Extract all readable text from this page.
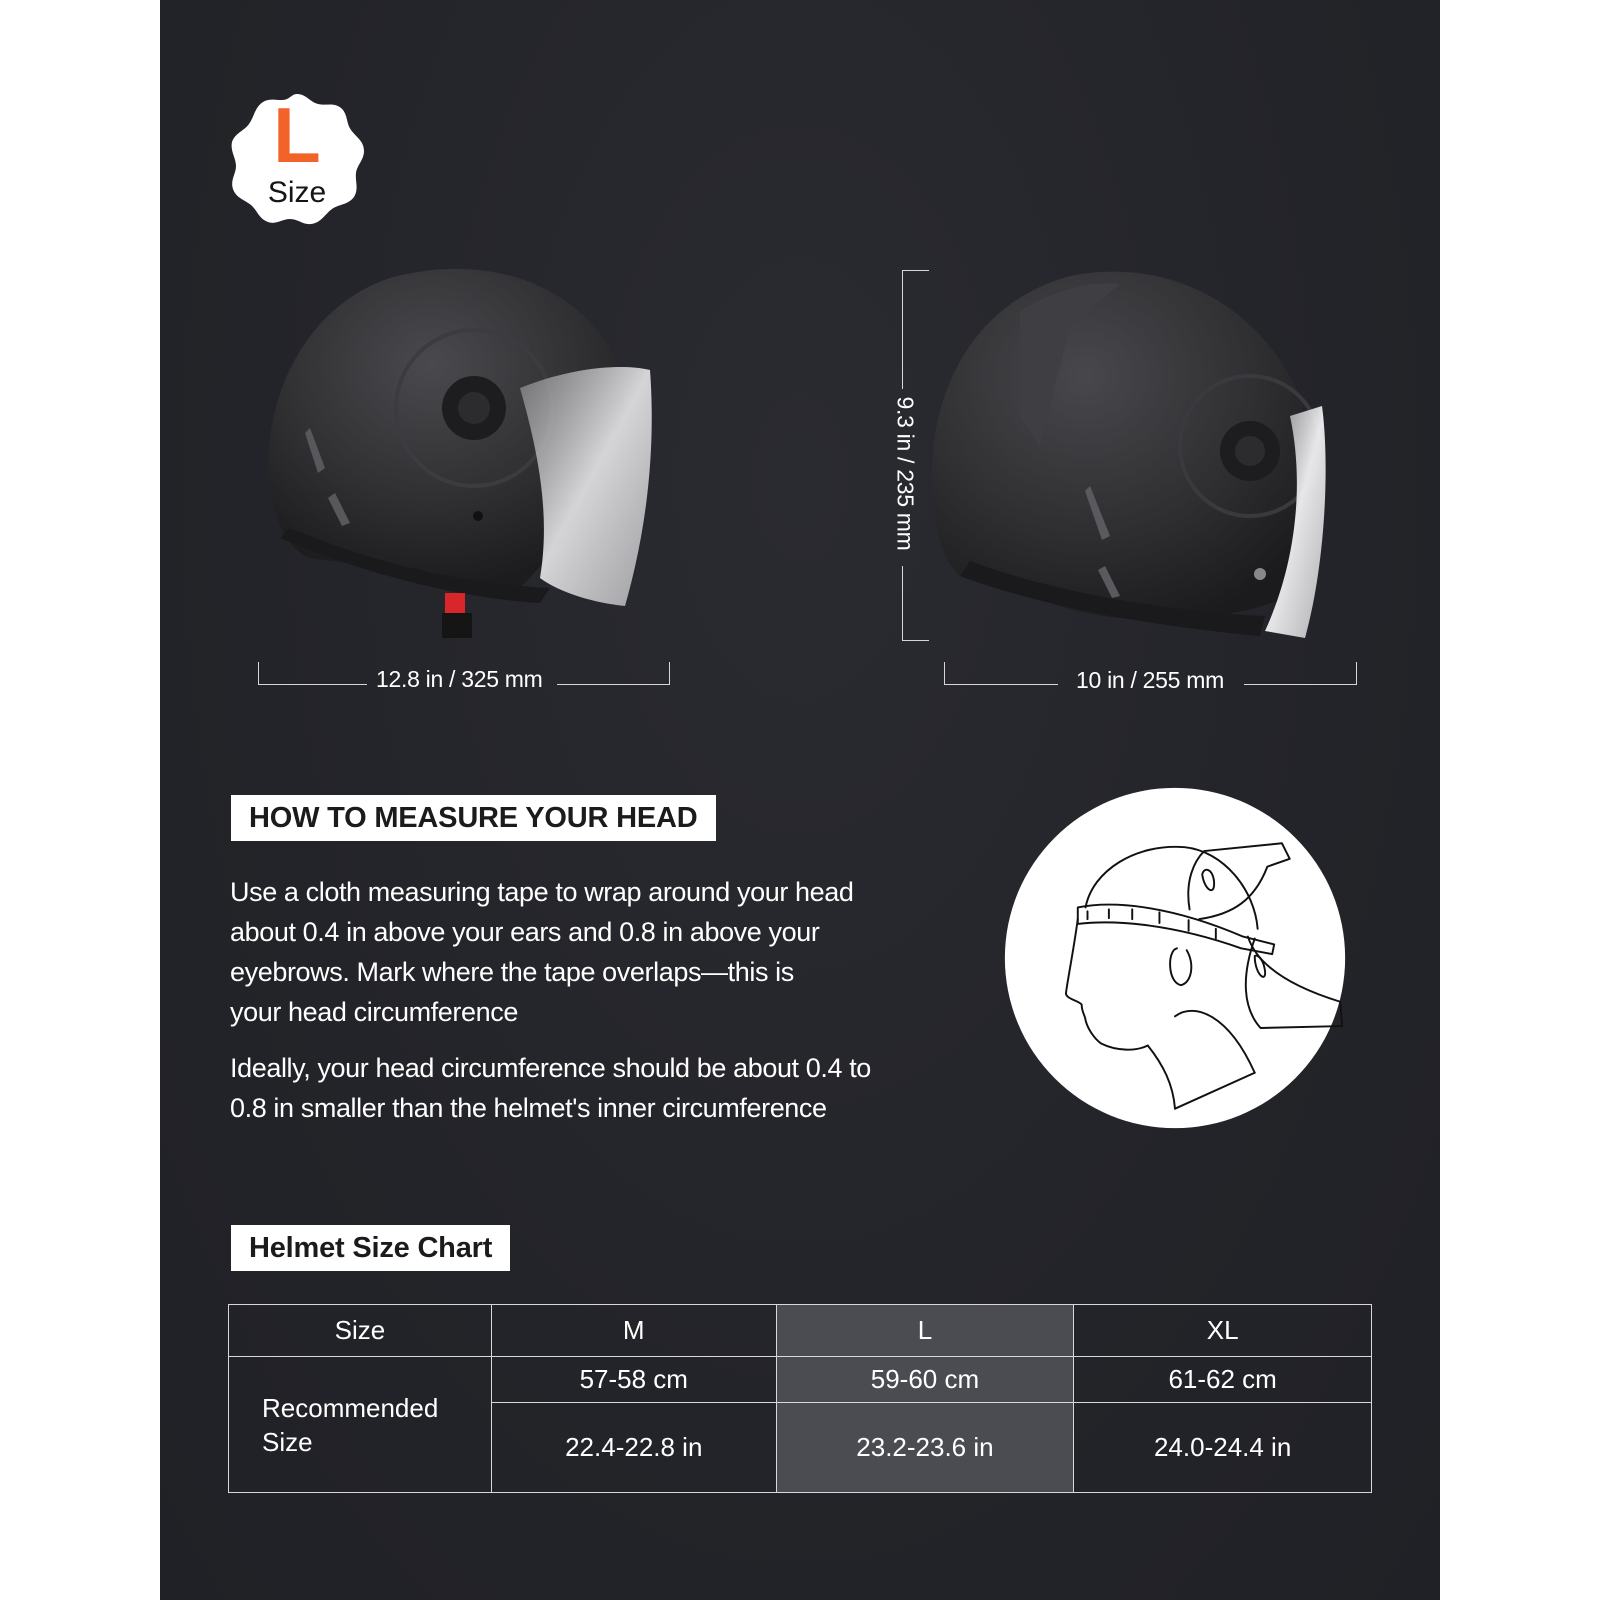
L
Size
12.8 in / 325 mm
9.3 in / 235 mm
10 in / 255 mm
HOW TO MEASURE YOUR HEAD
Use a cloth measuring tape to wrap around your head
about 0.4 in above your ears and 0.8 in above your
eyebrows. Mark where the tape overlaps—this is
your head circumference
Ideally, your head circumference should be about 0.4 to
0.8 in smaller than the helmet's inner circumference
Helmet Size Chart
Size	M	L	XL

Recommended
Size	57-58 cm	59-60 cm	61-62 cm
	22.4-22.8 in	23.2-23.6 in	24.0-24.4 in
